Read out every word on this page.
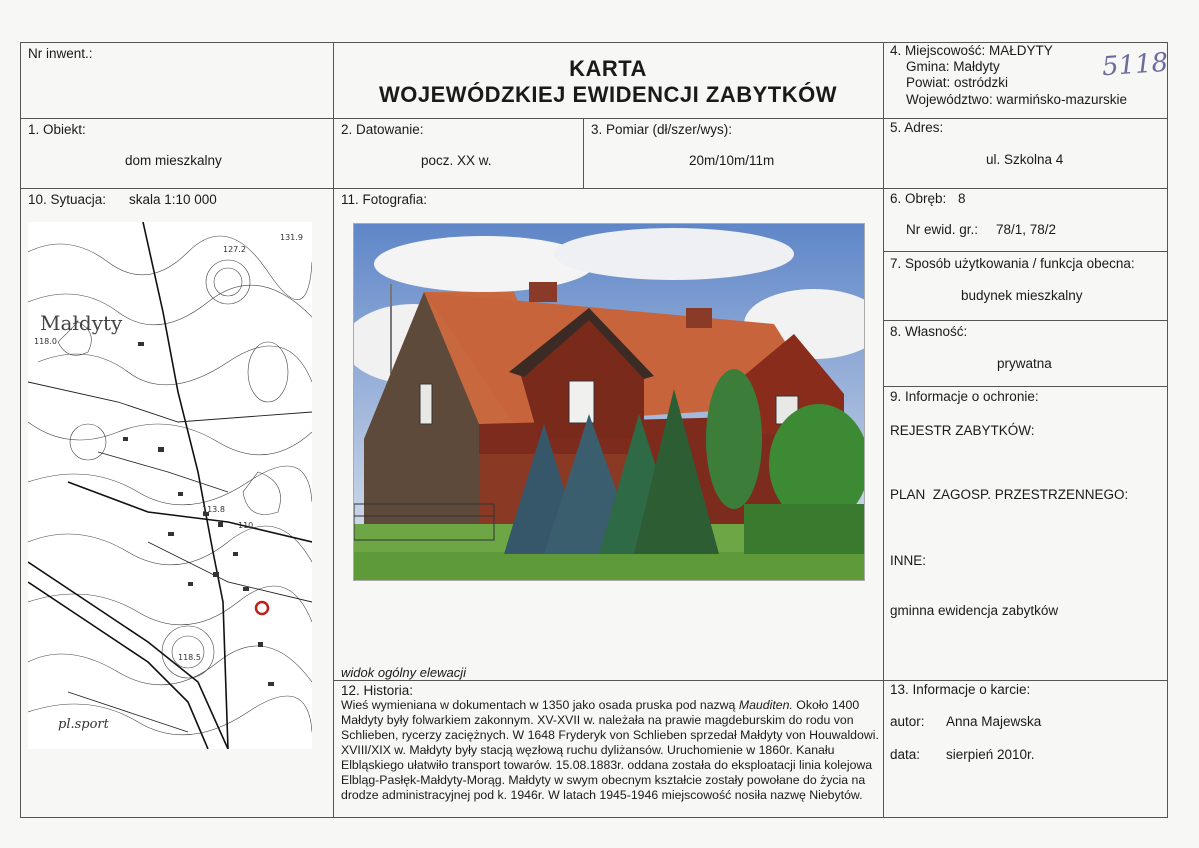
Nr inwent.:
KARTA
WOJEWÓDZKIEJ EWIDENCJI ZABYTKÓW
4. Miejscowość: MAŁDYTY
Gmina: Małdyty
Powiat: ostródzki
Województwo: warmińsko-mazurskie
5118
1. Obiekt:
dom mieszkalny
2. Datowanie:
pocz. XX w.
3. Pomiar (dł/szer/wys):
20m/10m/11m
5. Adres:
ul. Szkolna 4
10. Sytuacja: skala 1:10 000
Małdyty
pl.sport
127.2
131.9
118.0
113.8
110
118.5
11. Fotografia:
widok ogólny elewacji
6. Obręb: 8
Nr ewid. gr.: 78/1, 78/2
7. Sposób użytkowania / funkcja obecna:
budynek mieszkalny
8. Własność:
prywatna
9. Informacje o ochronie:
REJESTR ZABYTKÓW:
PLAN  ZAGOSP. PRZESTRZENNEGO:
INNE:
gminna ewidencja zabytków
12. Historia:
Wieś wymieniana w dokumentach w 1350 jako osada pruska pod nazwą Mauditen. Około 1400 Małdyty były folwarkiem zakonnym. XV-XVII w. należała na prawie magdeburskim do rodu von Schlieben, rycerzy zaciężnych. W 1648 Fryderyk von Schlieben sprzedał Małdyty von Houwaldowi. XVIII/XIX w. Małdyty były stacją węzłową ruchu dyliżansów. Uruchomienie w 1860r. Kanału Elbląskiego ułatwiło transport towarów. 15.08.1883r. oddana została do eksploatacji linia kolejowa Elbląg-Pasłęk-Małdyty-Morąg. Małdyty w swym obecnym kształcie zostały powołane do życia na drodze administracyjnej pod k. 1946r. W latach 1945-1946 miejscowość nosiła nazwę Niebytów.
13. Informacje o karcie:
autor: Anna Majewska
data: sierpień 2010r.
